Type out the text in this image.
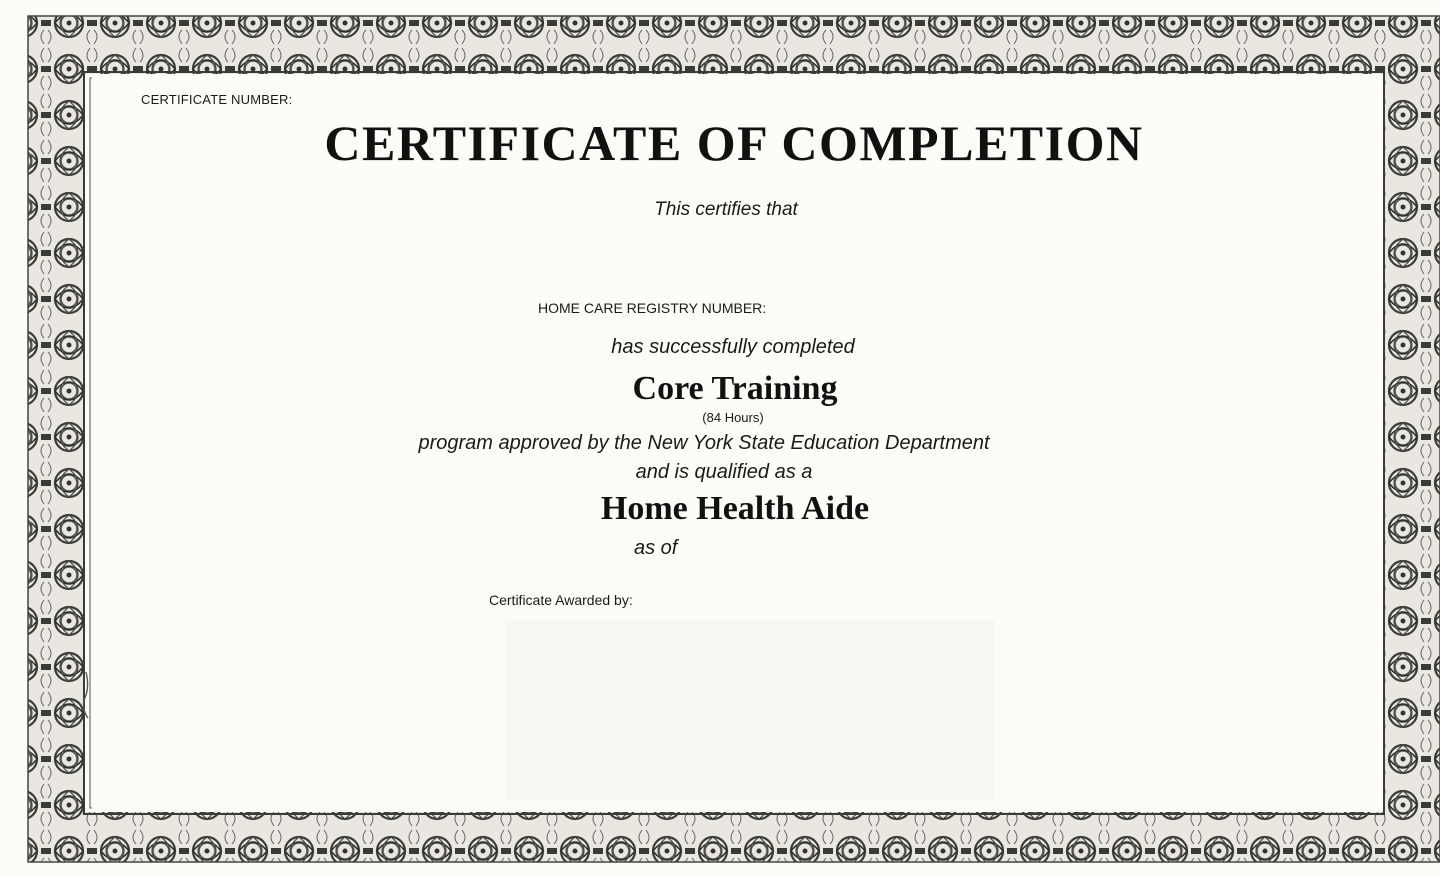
CERTIFICATE NUMBER:
CERTIFICATE OF COMPLETION
This certifies that
HOME CARE REGISTRY NUMBER:
has successfully completed
Core Training
(84 Hours)
program approved by the New York State Education Department
and is qualified as a
Home Health Aide
as of
Certificate Awarded by:
